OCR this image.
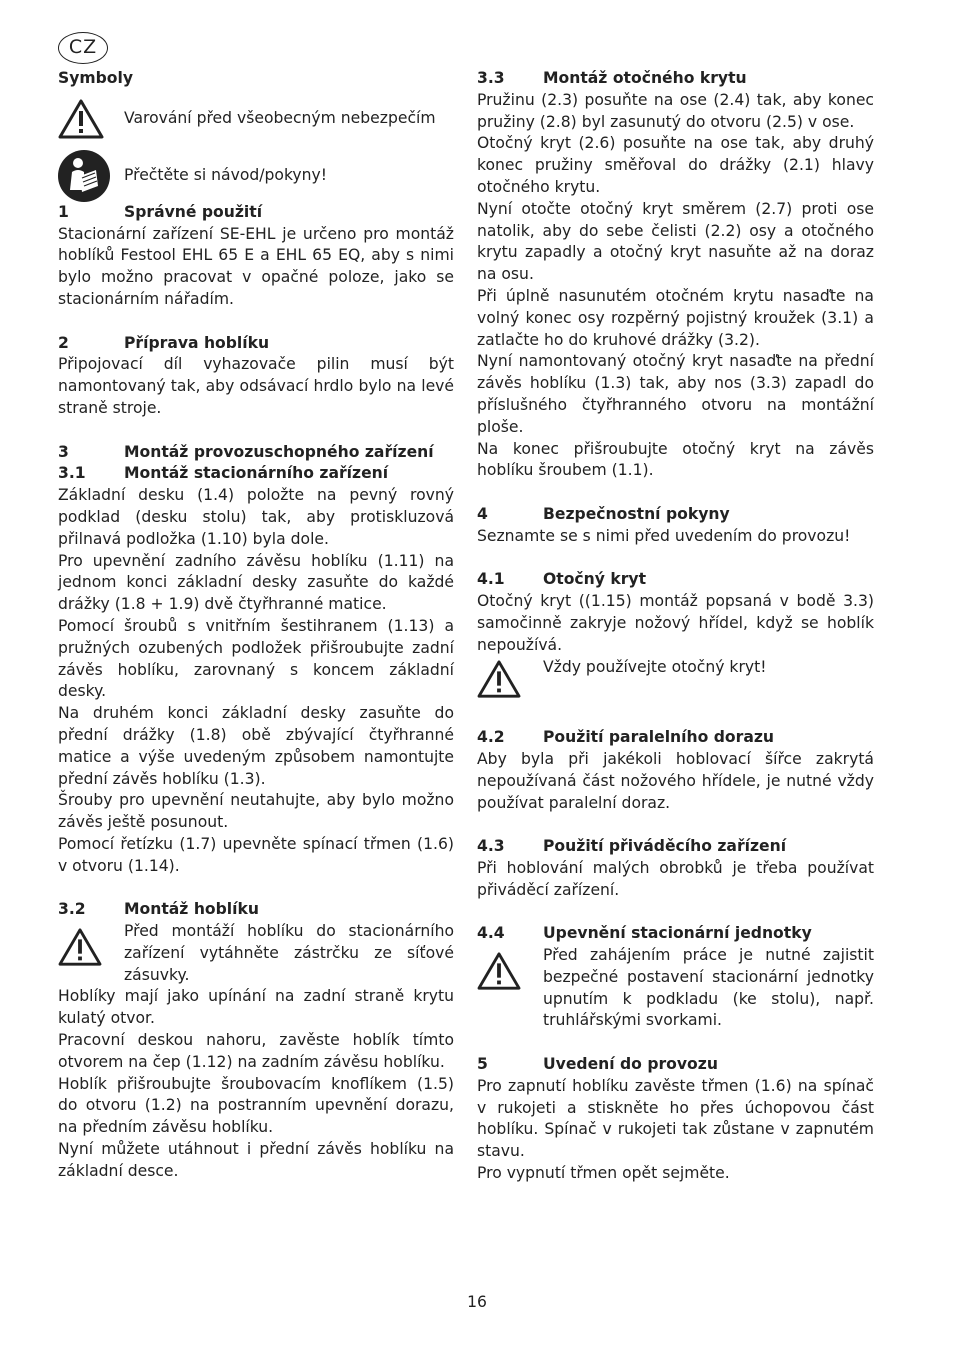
CZ
Symboly
Varování před všeobecným nebezpečím
Přečtěte si návod/pokyny!
1	Správné použití

Stacionární zařízení SE-EHL je určeno pro montáž hoblíků Festool EHL 65 E a EHL 65 EQ, aby s nimi bylo možno pracovat v opačné poloze, jako se stacionárním nářadím.

2	Příprava hoblíku

Připojovací díl vyhazovače pilin musí být namontovaný tak, aby odsávací hrdlo bylo na levé straně stroje.

3	Montáž provozuschopného zařízení
3.1 Montáž stacionárního zařízení

Základní desku (1.4) položte na pevný rovný podklad (desku stolu) tak, aby protiskluzová přilnavá podložka (1.10) byla dole.

Pro upevnění zadního závěsu hoblíku (1.11) na jednom konci základní desky zasuňte do každé drážky (1.8 + 1.9) dvě čtyřhranné matice.

Pomocí šroubů s vnitřním šestihranem (1.13) a pružných ozubených podložek přišroubujte zadní závěs hoblíku, zarovnaný s koncem základní desky.

Na druhém konci základní desky zasuňte do přední drážky (1.8) obě zbývající čtyřhranné matice a výše uvedeným způsobem namontujte přední závěs hoblíku (1.3).

Šrouby pro upevnění neutahujte, aby bylo možno závěs ještě posunout.

Pomocí řetízku (1.7) upevněte spínací třmen (1.6) v otvoru (1.14).

3.2 Montáž hoblíku

Před montáží hoblíku do stacionárního zařízení vytáhněte zástrčku ze síťové zásuvky.

Hoblíky mají jako upínání na zadní straně krytu kulatý otvor.

Pracovní deskou nahoru, zavěste hoblík tímto otvorem na čep (1.12) na zadním závěsu hoblíku.

Hoblík přišroubujte šroubovacím knoflíkem (1.5) do otvoru (1.2) na postranním upevnění dorazu, na předním závěsu hoblíku.

Nyní můžete utáhnout i přední závěs hoblíku na základní desce.

3.3 Montáž otočného krytu

Pružinu (2.3) posuňte na ose (2.4) tak, aby konec pružiny (2.8) byl zasunutý do otvoru (2.5) v ose.

Otočný kryt (2.6) posuňte na ose tak, aby druhý konec pružiny směřoval do drážky (2.1) hlavy otočného krytu.

Nyní otočte otočný kryt směrem (2.7) proti ose natolik, aby do sebe čelisti (2.2) osy a otočného krytu zapadly a otočný kryt nasuňte až na doraz na osu.

Při úplně nasunutém otočném krytu nasaďte na volný konec osy rozpěrný pojistný kroužek (3.1) a zatlačte ho do kruhové drážky (3.2).

Nyní namontovaný otočný kryt nasaďte na přední závěs hoblíku (1.3) tak, aby nos (3.3) zapadl do příslušného čtyřhranného otvoru na montážní ploše.

Na konec přišroubujte otočný kryt na závěs hoblíku šroubem (1.1).

4	Bezpečnostní pokyny

Seznamte se s nimi před uvedením do provozu!

4.1 Otočný kryt

Otočný kryt ((1.15) montáž popsaná v bodě 3.3) samočinně zakryje nožový hřídel, když se hoblík nepoužívá.

Vždy používejte otočný kryt!

4.2 Použití paralelního dorazu

Aby byla při jakékoli hoblovací šířce zakrytá nepoužívaná část nožového hřídele, je nutné vždy používat paralelní doraz.

4.3 Použití přiváděcího zařízení

Při hoblování malých obrobků je třeba používat přiváděcí zařízení.

4.4 Upevnění stacionární jednotky

Před zahájením práce je nutné zajistit bezpečné postavení stacionární jednotky upnutím k podkladu (ke stolu), např. truhlářskými svorkami.

5	Uvedení do provozu

Pro zapnutí hoblíku zavěste třmen (1.6) na spínač v rukojeti a stiskněte ho přes úchopovou část hoblíku. Spínač v rukojeti tak zůstane v zapnutém stavu.

Pro vypnutí třmen opět sejměte.

16
